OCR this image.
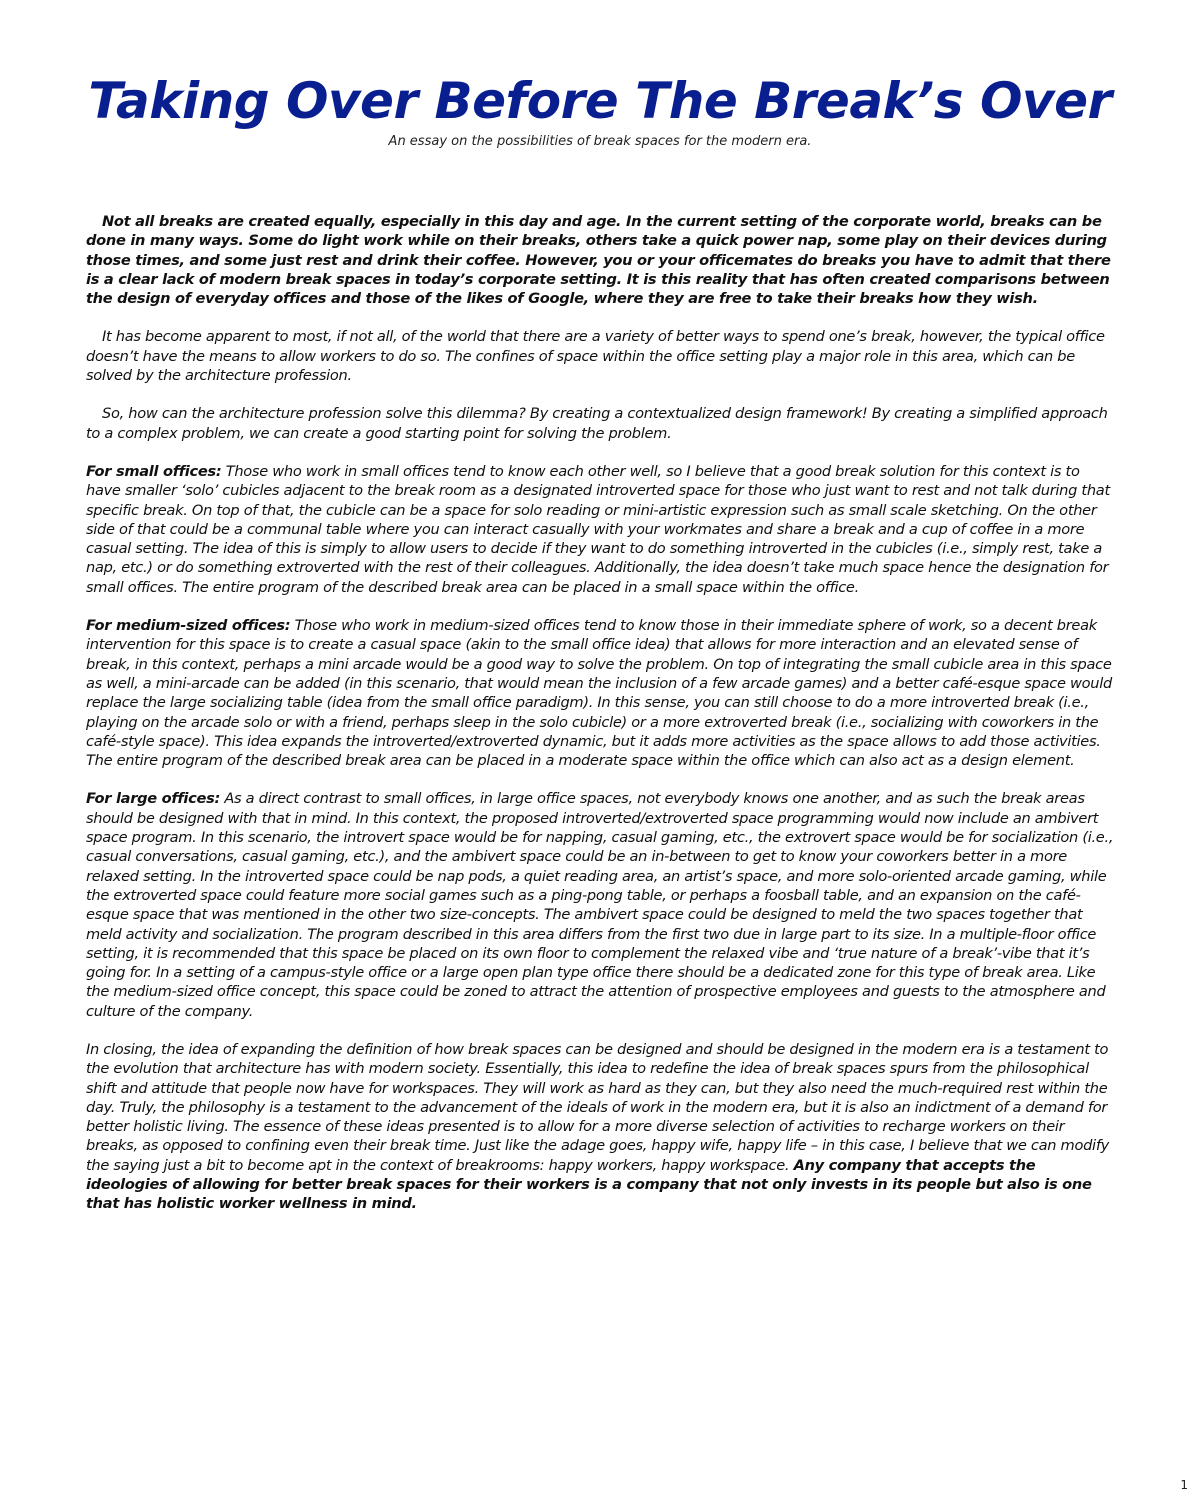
Taking Over Before The Break’s Over
An essay on the possibilities of break spaces for the modern era.

Not all breaks are created equally, especially in this day and age. In the current setting of the corporate world, breaks can be done in many ways. Some do light work while on their breaks, others take a quick power nap, some play on their devices during those times, and some just rest and drink their coffee. However, you or your officemates do breaks you have to admit that there is a clear lack of modern break spaces in today’s corporate setting. It is this reality that has often created comparisons between the design of everyday offices and those of the likes of Google, where they are free to take their breaks how they wish.

It has become apparent to most, if not all, of the world that there are a variety of better ways to spend one’s break, however, the typical office doesn’t have the means to allow workers to do so. The confines of space within the office setting play a major role in this area, which can be solved by the architecture profession.

So, how can the architecture profession solve this dilemma? By creating a contextualized design framework! By creating a simplified approach to a complex problem, we can create a good starting point for solving the problem.

For small offices: Those who work in small offices tend to know each other well, so I believe that a good break solution for this context is to have smaller ‘solo’ cubicles adjacent to the break room as a designated introverted space for those who just want to rest and not talk during that specific break. On top of that, the cubicle can be a space for solo reading or mini-artistic expression such as small scale sketching. On the other side of that could be a communal table where you can interact casually with your workmates and share a break and a cup of coffee in a more casual setting. The idea of this is simply to allow users to decide if they want to do something introverted in the cubicles (i.e., simply rest, take a nap, etc.) or do something extroverted with the rest of their colleagues. Additionally, the idea doesn’t take much space hence the designation for small offices. The entire program of the described break area can be placed in a small space within the office.

For medium-sized offices: Those who work in medium-sized offices tend to know those in their immediate sphere of work, so a decent break intervention for this space is to create a casual space (akin to the small office idea) that allows for more interaction and an elevated sense of break, in this context, perhaps a mini arcade would be a good way to solve the problem. On top of integrating the small cubicle area in this space as well, a mini-arcade can be added (in this scenario, that would mean the inclusion of a few arcade games) and a better café-esque space would replace the large socializing table (idea from the small office paradigm). In this sense, you can still choose to do a more introverted break (i.e., playing on the arcade solo or with a friend, perhaps sleep in the solo cubicle) or a more extroverted break (i.e., socializing with coworkers in the café-style space). This idea expands the introverted/extroverted dynamic, but it adds more activities as the space allows to add those activities. The entire program of the described break area can be placed in a moderate space within the office which can also act as a design element.

For large offices: As a direct contrast to small offices, in large office spaces, not everybody knows one another, and as such the break areas should be designed with that in mind. In this context, the proposed introverted/extroverted space programming would now include an ambivert space program. In this scenario, the introvert space would be for napping, casual gaming, etc., the extrovert space would be for socialization (i.e., casual conversations, casual gaming, etc.), and the ambivert space could be an in-between to get to know your coworkers better in a more relaxed setting. In the introverted space could be nap pods, a quiet reading area, an artist’s space, and more solo-oriented arcade gaming, while the extroverted space could feature more social games such as a ping-pong table, or perhaps a foosball table, and an expansion on the café-esque space that was mentioned in the other two size-concepts. The ambivert space could be designed to meld the two spaces together that meld activity and socialization. The program described in this area differs from the first two due in large part to its size. In a multiple-floor office setting, it is recommended that this space be placed on its own floor to complement the relaxed vibe and ‘true nature of a break’-vibe that it’s going for. In a setting of a campus-style office or a large open plan type office there should be a dedicated zone for this type of break area. Like the medium-sized office concept, this space could be zoned to attract the attention of prospective employees and guests to the atmosphere and culture of the company.

In closing, the idea of expanding the definition of how break spaces can be designed and should be designed in the modern era is a testament to the evolution that architecture has with modern society. Essentially, this idea to redefine the idea of break spaces spurs from the philosophical shift and attitude that people now have for workspaces. They will work as hard as they can, but they also need the much-required rest within the day. Truly, the philosophy is a testament to the advancement of the ideals of work in the modern era, but it is also an indictment of a demand for better holistic living. The essence of these ideas presented is to allow for a more diverse selection of activities to recharge workers on their breaks, as opposed to confining even their break time. Just like the adage goes, happy wife, happy life – in this case, I believe that we can modify the saying just a bit to become apt in the context of breakrooms: happy workers, happy workspace. Any company that accepts the ideologies of allowing for better break spaces for their workers is a company that not only invests in its people but also is one that has holistic worker wellness in mind.

1
